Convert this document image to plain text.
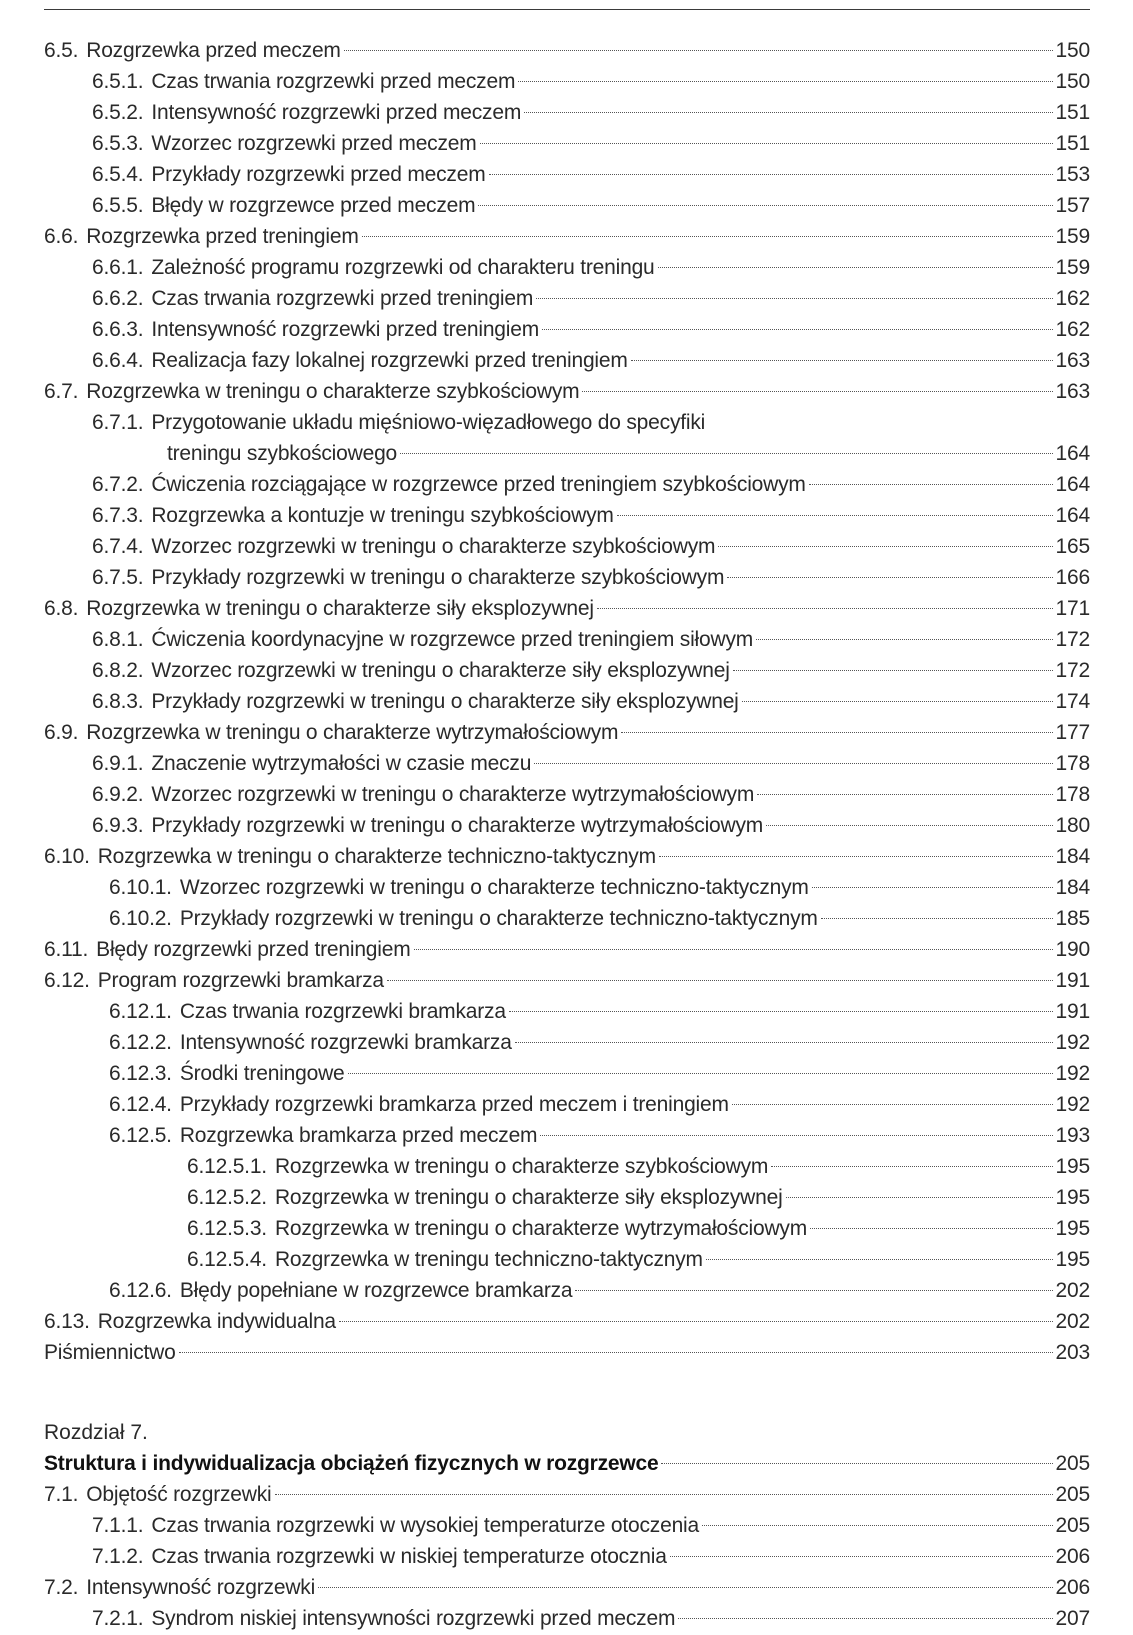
6.5. Rozgrzewka przed meczem	150
6.5.1. Czas trwania rozgrzewki przed meczem	150
6.5.2. Intensywność rozgrzewki przed meczem	151
6.5.3. Wzorzec rozgrzewki przed meczem	151
6.5.4. Przykłady rozgrzewki przed meczem	153
6.5.5. Błędy w rozgrzewce przed meczem	157
6.6. Rozgrzewka przed treningiem	159
6.6.1. Zależność programu rozgrzewki od charakteru treningu	159
6.6.2. Czas trwania rozgrzewki przed treningiem	162
6.6.3. Intensywność rozgrzewki przed treningiem	162
6.6.4. Realizacja fazy lokalnej rozgrzewki przed treningiem	163
6.7. Rozgrzewka w treningu o charakterze szybkościowym	163
6.7.1. Przygotowanie układu mięśniowo-więzadłowego do specyfiki
treningu szybkościowego	164
6.7.2. Ćwiczenia rozciągające w rozgrzewce przed treningiem szybkościowym	164
6.7.3. Rozgrzewka a kontuzje w treningu szybkościowym	164
6.7.4. Wzorzec rozgrzewki w treningu o charakterze szybkościowym	165
6.7.5. Przykłady rozgrzewki w treningu o charakterze szybkościowym	166
6.8. Rozgrzewka w treningu o charakterze siły eksplozywnej	171
6.8.1. Ćwiczenia koordynacyjne w rozgrzewce przed treningiem siłowym	172
6.8.2. Wzorzec rozgrzewki w treningu o charakterze siły eksplozywnej	172
6.8.3. Przykłady rozgrzewki w treningu o charakterze siły eksplozywnej	174
6.9. Rozgrzewka w treningu o charakterze wytrzymałościowym	177
6.9.1. Znaczenie wytrzymałości w czasie meczu	178
6.9.2. Wzorzec rozgrzewki w treningu o charakterze wytrzymałościowym	178
6.9.3. Przykłady rozgrzewki w treningu o charakterze wytrzymałościowym	180
6.10. Rozgrzewka w treningu o charakterze techniczno-taktycznym	184
6.10.1. Wzorzec rozgrzewki w treningu o charakterze techniczno-taktycznym	184
6.10.2. Przykłady rozgrzewki w treningu o charakterze techniczno-taktycznym	185
6.11. Błędy rozgrzewki przed treningiem	190
6.12. Program rozgrzewki bramkarza	191
6.12.1. Czas trwania rozgrzewki bramkarza	191
6.12.2. Intensywność rozgrzewki bramkarza	192
6.12.3. Środki treningowe	192
6.12.4. Przykłady rozgrzewki bramkarza przed meczem i treningiem	192
6.12.5. Rozgrzewka bramkarza przed meczem	193
6.12.5.1. Rozgrzewka w treningu o charakterze szybkościowym	195
6.12.5.2. Rozgrzewka w treningu o charakterze siły eksplozywnej	195
6.12.5.3. Rozgrzewka w treningu o charakterze wytrzymałościowym	195
6.12.5.4. Rozgrzewka w treningu techniczno-taktycznym	195
6.12.6. Błędy popełniane w rozgrzewce bramkarza	202
6.13. Rozgrzewka indywidualna	202
Piśmiennictwo	203
Rozdział 7.
Struktura i indywidualizacja obciążeń fizycznych w rozgrzewce	205
7.1. Objętość rozgrzewki	205
7.1.1. Czas trwania rozgrzewki w wysokiej temperaturze otoczenia	205
7.1.2. Czas trwania rozgrzewki w niskiej temperaturze otocznia	206
7.2. Intensywność rozgrzewki	206
7.2.1. Syndrom niskiej intensywności rozgrzewki przed meczem	207
